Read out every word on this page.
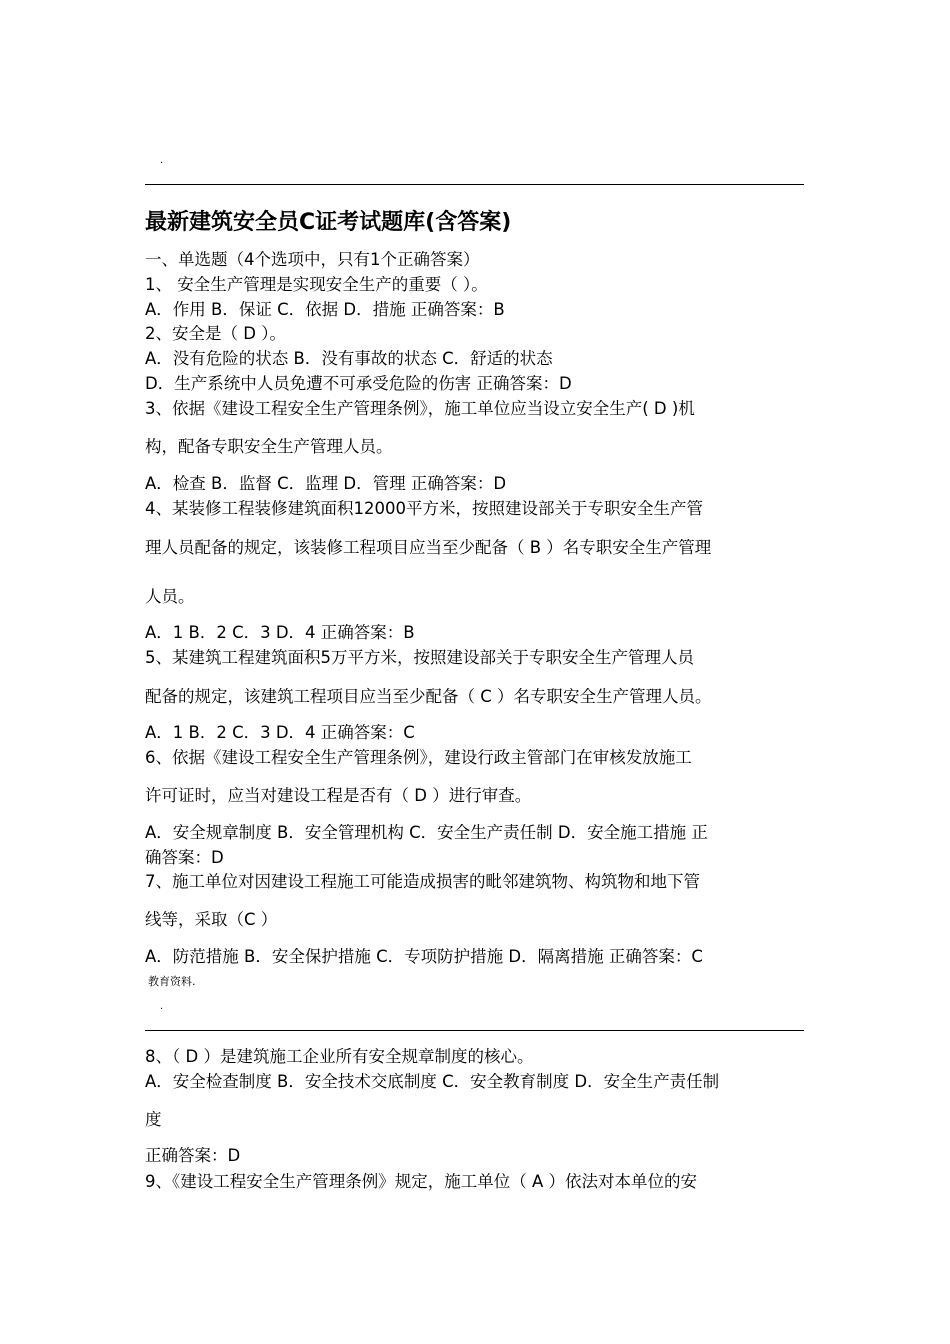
.
最新建筑安全员C证考试题库(含答案)
一、单选题（4个选项中，只有1个正确答案）
1、 安全生产管理是实现安全生产的重要（ ）。
A．作用 B．保证 C．依据 D．措施 正确答案：B
2、安全是（ D ）。
A．没有危险的状态 B．没有事故的状态 C．舒适的状态
D．生产系统中人员免遭不可承受危险的伤害 正确答案：D
3、依据《建设工程安全生产管理条例》，施工单位应当设立安全生产( D )机
构，配备专职安全生产管理人员。
A．检查 B．监督 C．监理 D．管理 正确答案：D
4、某装修工程装修建筑面积12000平方米，按照建设部关于专职安全生产管
理人员配备的规定，该装修工程项目应当至少配备（ B ）名专职安全生产管理
人员。
A．1 B．2 C．3 D．4 正确答案：B
5、某建筑工程建筑面积5万平方米，按照建设部关于专职安全生产管理人员
配备的规定，该建筑工程项目应当至少配备（ C ）名专职安全生产管理人员。
A．1 B．2 C．3 D．4 正确答案：C
6、依据《建设工程安全生产管理条例》，建设行政主管部门在审核发放施工
许可证时，应当对建设工程是否有（ D ）进行审查。
A．安全规章制度 B．安全管理机构 C．安全生产责任制 D．安全施工措施 正
确答案：D
7、施工单位对因建设工程施工可能造成损害的毗邻建筑物、构筑物和地下管
线等，采取（C ）
A．防范措施 B．安全保护措施 C．专项防护措施 D．隔离措施 正确答案：C
教育资料.
.
8、（ D ）是建筑施工企业所有安全规章制度的核心。
A．安全检查制度 B．安全技术交底制度 C．安全教育制度 D．安全生产责任制
度
正确答案：D
9、《建设工程安全生产管理条例》规定，施工单位（ A ）依法对本单位的安
